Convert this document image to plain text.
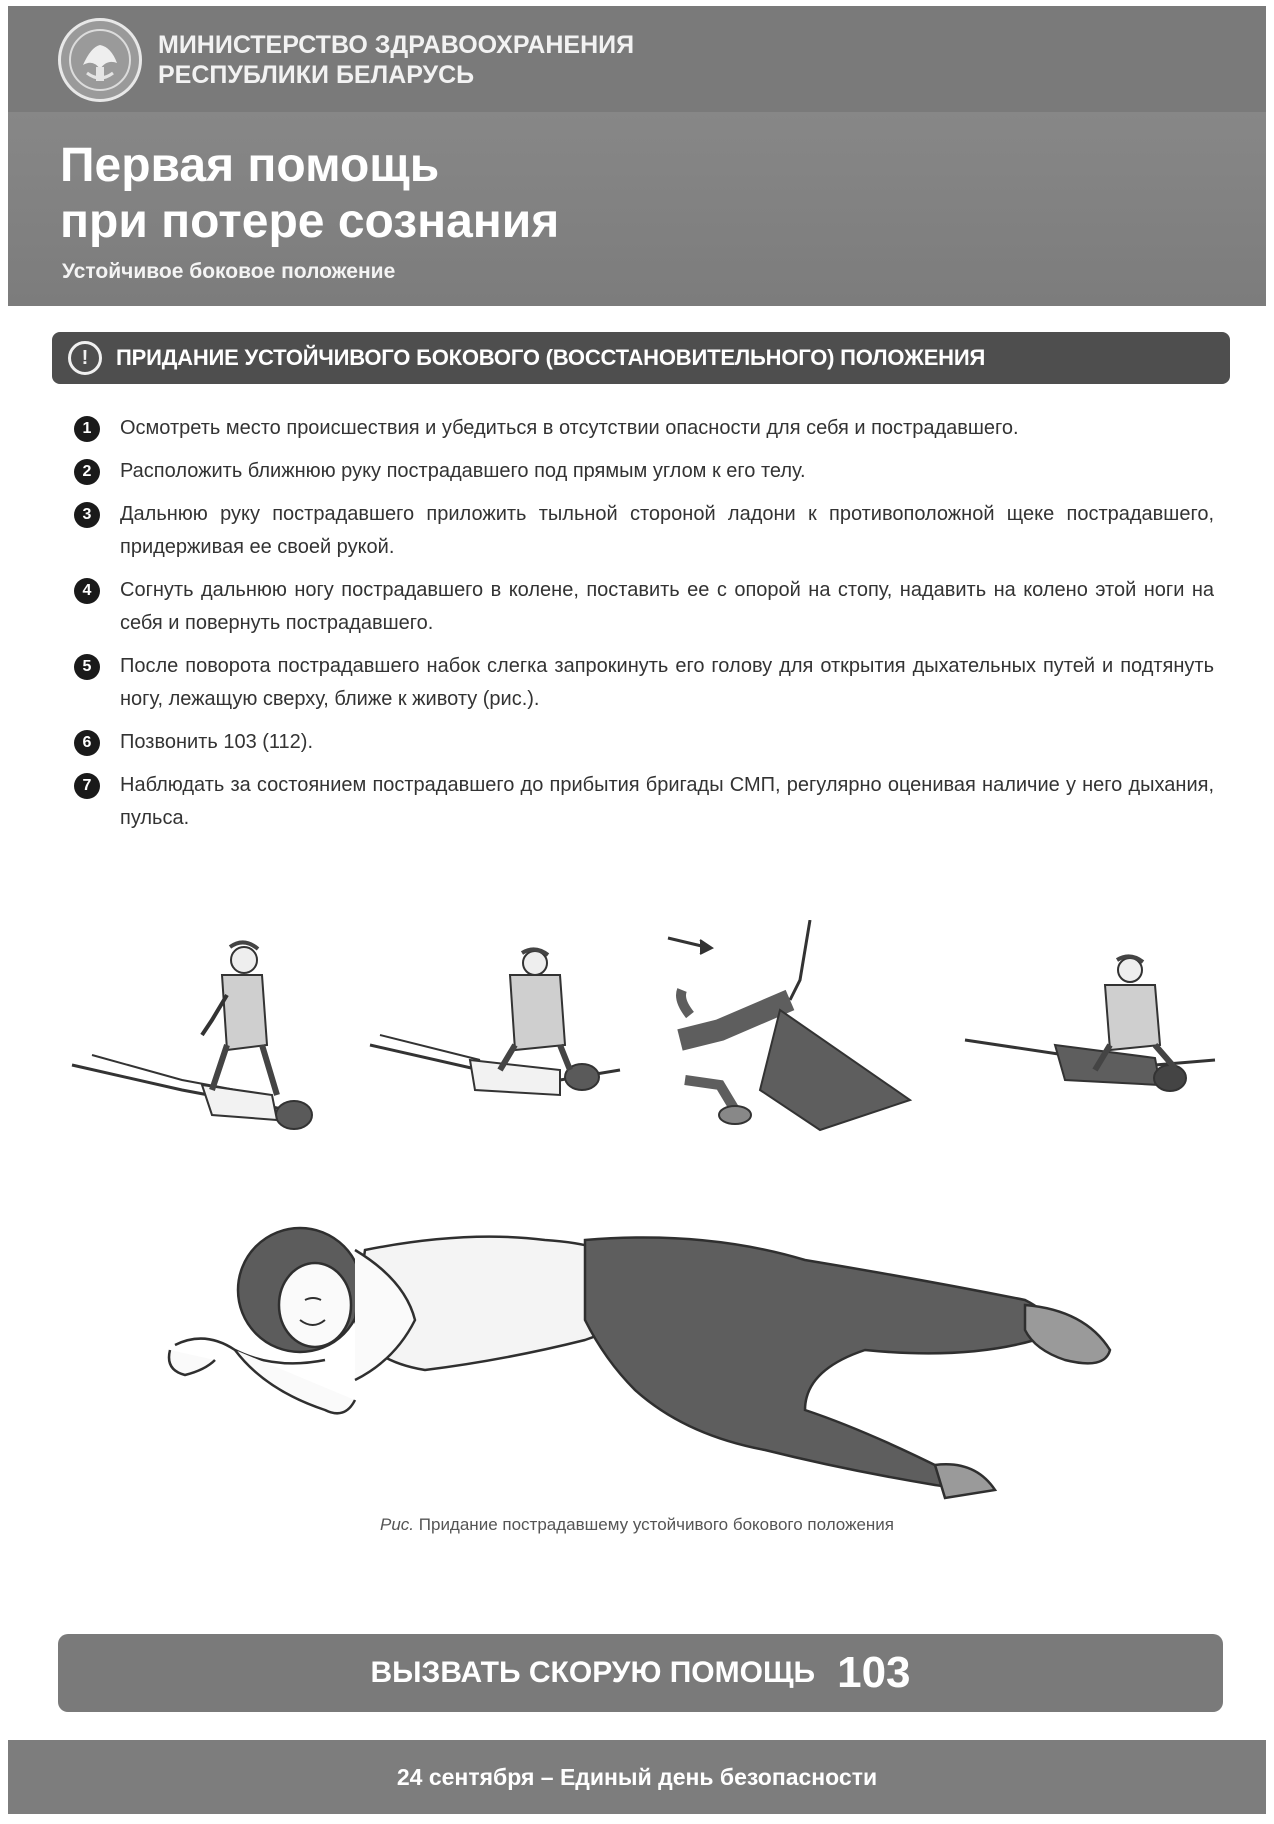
МИНИСТЕРСТВО ЗДРАВООХРАНЕНИЯ
РЕСПУБЛИКИ БЕЛАРУСЬ
Первая помощь
при потере сознания
Устойчивое боковое положение
!	ПРИДАНИЕ УСТОЙЧИВОГО БОКОВОГО (ВОССТАНОВИТЕЛЬНОГО) ПОЛОЖЕНИЯ
1	Осмотреть место происшествия и убедиться в отсутствии опасности для себя и пострадавшего.
2	Расположить ближнюю руку пострадавшего под прямым углом к его телу.
3	Дальнюю руку пострадавшего приложить тыльной стороной ладони к противоположной щеке пострадавшего, придерживая ее своей рукой.
4	Согнуть дальнюю ногу пострадавшего в колене, поставить ее с опорой на стопу, надавить на колено этой ноги на себя и повернуть пострадавшего.
5	После поворота пострадавшего набок слегка запрокинуть его голову для открытия дыхательных путей и подтянуть ногу, лежащую сверху, ближе к животу (рис.).
6	Позвонить 103 (112).
7	Наблюдать за состоянием пострадавшего до прибытия бригады СМП, регулярно оценивая наличие у него дыхания, пульса.
Рис. Придание пострадавшему устойчивого бокового положения
ВЫЗВАТЬ СКОРУЮ ПОМОЩЬ 103
24 сентября – Единый день безопасности
